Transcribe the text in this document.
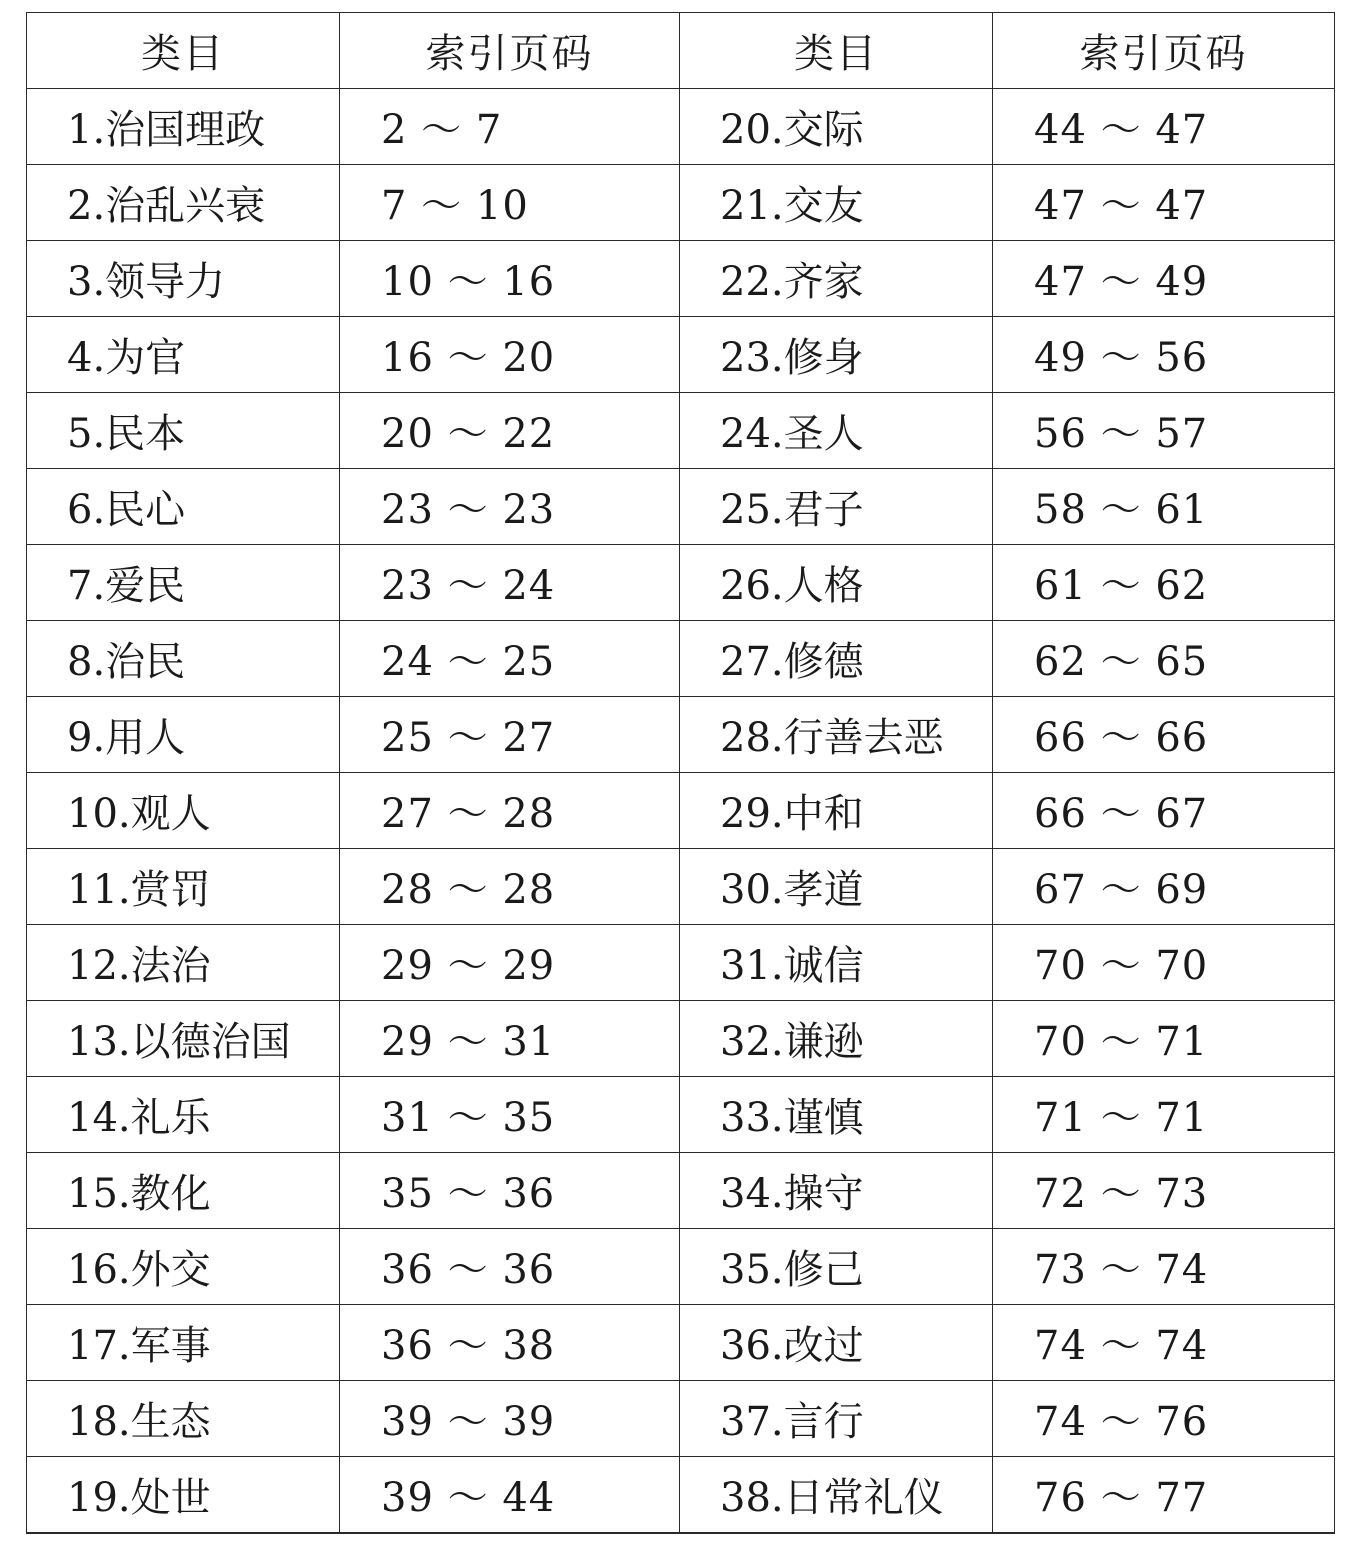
类目	索引页码	类目	索引页码
1.治国理政	2 ～ 7	20.交际	44 ～ 47
2.治乱兴衰	7 ～ 10	21.交友	47 ～ 47
3.领导力	10 ～ 16	22.齐家	47 ～ 49
4.为官	16 ～ 20	23.修身	49 ～ 56
5.民本	20 ～ 22	24.圣人	56 ～ 57
6.民心	23 ～ 23	25.君子	58 ～ 61
7.爱民	23 ～ 24	26.人格	61 ～ 62
8.治民	24 ～ 25	27.修德	62 ～ 65
9.用人	25 ～ 27	28.行善去恶	66 ～ 66
10.观人	27 ～ 28	29.中和	66 ～ 67
11.赏罚	28 ～ 28	30.孝道	67 ～ 69
12.法治	29 ～ 29	31.诚信	70 ～ 70
13.以德治国	29 ～ 31	32.谦逊	70 ～ 71
14.礼乐	31 ～ 35	33.谨慎	71 ～ 71
15.教化	35 ～ 36	34.操守	72 ～ 73
16.外交	36 ～ 36	35.修己	73 ～ 74
17.军事	36 ～ 38	36.改过	74 ～ 74
18.生态	39 ～ 39	37.言行	74 ～ 76
19.处世	39 ～ 44	38.日常礼仪	76 ～ 77
